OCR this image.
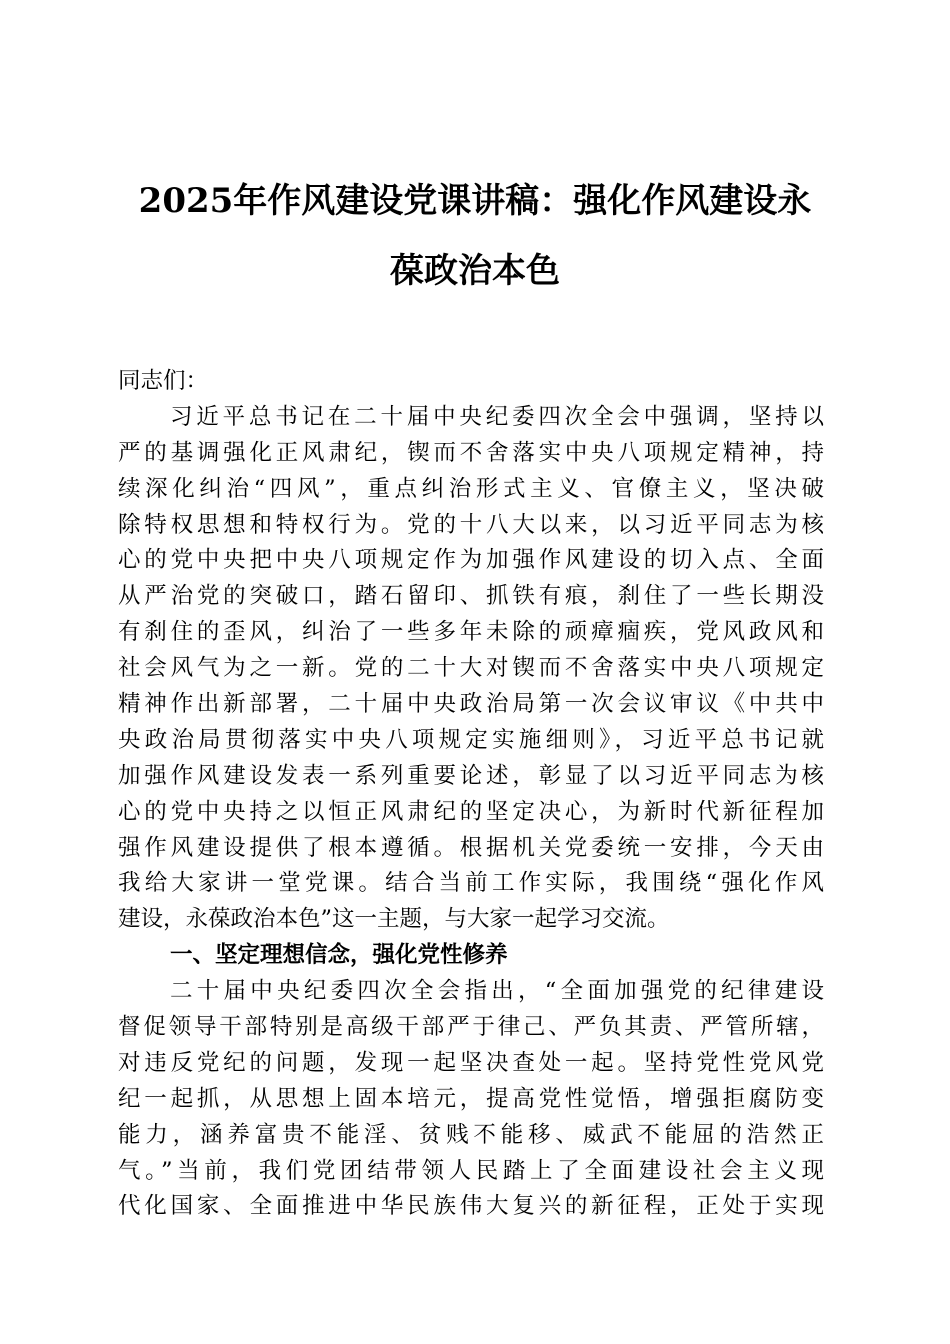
2025年作风建设党课讲稿：强化作风建设永
葆政治本色
同志们：
习近平总书记在二十届中央纪委四次全会中强调，坚持以
严的基调强化正风肃纪，锲而不舍落实中央八项规定精神，持
续深化纠治“四风”，重点纠治形式主义、官僚主义，坚决破
除特权思想和特权行为。党的十八大以来，以习近平同志为核
心的党中央把中央八项规定作为加强作风建设的切入点、全面
从严治党的突破口，踏石留印、抓铁有痕，刹住了一些长期没
有刹住的歪风，纠治了一些多年未除的顽瘴痼疾，党风政风和
社会风气为之一新。党的二十大对锲而不舍落实中央八项规定
精神作出新部署，二十届中央政治局第一次会议审议《中共中
央政治局贯彻落实中央八项规定实施细则》，习近平总书记就
加强作风建设发表一系列重要论述，彰显了以习近平同志为核
心的党中央持之以恒正风肃纪的坚定决心，为新时代新征程加
强作风建设提供了根本遵循。根据机关党委统一安排，今天由
我给大家讲一堂党课。结合当前工作实际，我围绕“强化作风
建设，永葆政治本色”这一主题，与大家一起学习交流。
一、坚定理想信念，强化党性修养
二十届中央纪委四次全会指出，“全面加强党的纪律建设
督促领导干部特别是高级干部严于律己、严负其责、严管所辖，
对违反党纪的问题，发现一起坚决查处一起。坚持党性党风党
纪一起抓，从思想上固本培元，提高党性觉悟，增强拒腐防变
能力，涵养富贵不能淫、贫贱不能移、威武不能屈的浩然正
气。”当前，我们党团结带领人民踏上了全面建设社会主义现
代化国家、全面推进中华民族伟大复兴的新征程，正处于实现
